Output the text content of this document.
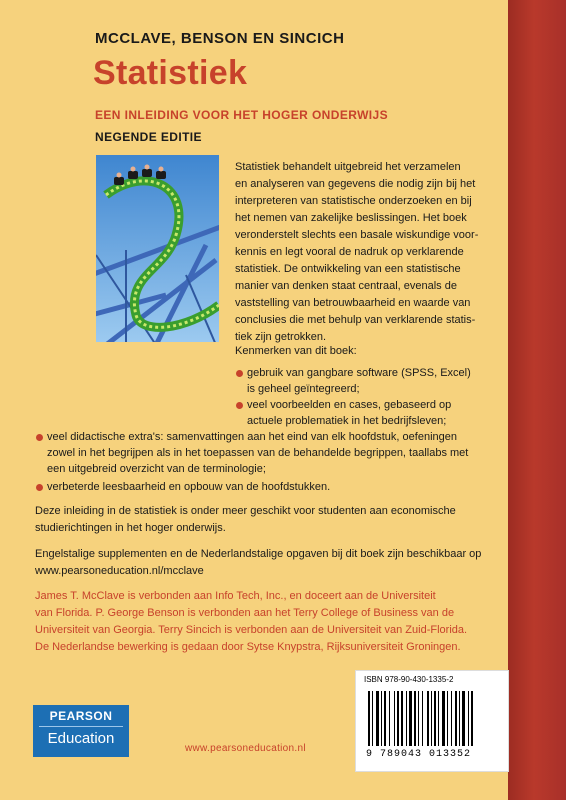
MCCLAVE, BENSON EN SINCICH
Statistiek
EEN INLEIDING VOOR HET HOGER ONDERWIJS
NEGENDE EDITIE
Statistiek behandelt uitgebreid het verzamelen
en analyseren van gegevens die nodig zijn bij het
interpreteren van statistische onderzoeken en bij
het nemen van zakelijke beslissingen. Het boek
veronderstelt slechts een basale wiskundige voor-
kennis en legt vooral de nadruk op verklarende
statistiek. De ontwikkeling van een statistische
manier van denken staat centraal, evenals de
vaststelling van betrouwbaarheid en waarde van
conclusies die met behulp van verklarende statis-
tiek zijn getrokken.
Kenmerken van dit boek:
gebruik van gangbare software (SPSS, Excel)
is geheel geïntegreerd;
veel voorbeelden en cases, gebaseerd op
actuele problematiek in het bedrijfsleven;
veel didactische extra's: samenvattingen aan het eind van elk hoofdstuk, oefeningen
zowel in het begrijpen als in het toepassen van de behandelde begrippen, taallabs met
een uitgebreid overzicht van de terminologie;
verbeterde leesbaarheid en opbouw van de hoofdstukken.
Deze inleiding in de statistiek is onder meer geschikt voor studenten aan economische
studierichtingen in het hoger onderwijs.
Engelstalige supplementen en de Nederlandstalige opgaven bij dit boek zijn beschikbaar op
www.pearsoneducation.nl/mcclave
James T. McClave is verbonden aan Info Tech, Inc., en doceert aan de Universiteit
van Florida. P. George Benson is verbonden aan het Terry College of Business van de
Universiteit van Georgia. Terry Sincich is verbonden aan de Universiteit van Zuid-Florida.
De Nederlandse bewerking is gedaan door Sytse Knypstra, Rijksuniversiteit Groningen.
ISBN 978-90-430-1335-2
9 789043 013352
PEARSON
Education
www.pearsoneducation.nl
